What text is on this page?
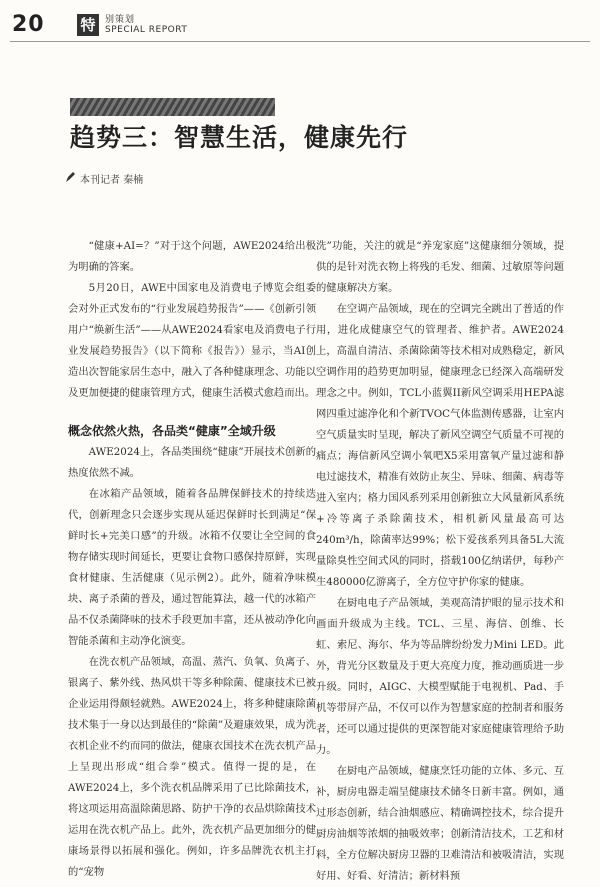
20 特	别策划
SPECIAL REPORT
趋势三：智慧生活，健康先行
本刊记者 秦楠

“健康+AI=？”对于这个问题，AWE2024给出极为明确的答案。

5月20日，AWE中国家电及消费电子博览会组委会对外正式发布的“行业发展趋势报告”——《创新引领用户“焕新生活”——从AWE2024看家电及消费电子行业发展趋势报告》（以下简称《报告》）显示，当AI创造出次智能家居生态中，融入了各种健康理念、功能以及更加便捷的健康管理方式，健康生活模式愈趋而出。

概念依然火热，各品类“健康”全域升级

AWE2024上，各品类围绕“健康”开展技术创新的热度依然不减。

在冰箱产品领域，随着各品牌保鲜技术的持续迭代，创新理念只会逐步实现从延迟保鲜时长到满足“保鲜时长+完美口感”的升级。冰箱不仅要让全空间的食物存储实现时间延长，更要让食物口感保持原鲜，实现食材健康、生活健康（见示例2）。此外，随着净味模块、离子杀菌的普及，通过智能算法，越一代的冰箱产品不仅杀菌降味的技术手段更加丰富，还从被动净化向智能杀菌和主动净化演变。

在洗衣机产品领域，高温、蒸汽、负氧、负离子、银离子、紫外线、热风烘干等多种除菌、健康技术已被企业运用得颇轻就熟。AWE2024上，将多种健康除菌技术集于一身以达到最佳的“除菌”及避康效果，成为洗衣机企业不约而同的做法，健康衣国技术在洗衣机产品上呈现出形成“组合拳”模式。值得一提的是，在AWE2024上，多个洗衣机品牌采用了已比除菌技术，将这项运用高温除菌思路、防护干净的衣品烘除菌技术运用在洗衣机产品上。此外，洗衣机产品更加细分的健康场景得以拓展和强化。例如，许多品牌洗衣机主打的“宠物

洗”功能，关注的就是“养宠家庭”这健康细分领域，提供的是针对洗衣物上将残的毛发、细菌、过敏原等问题的健康解决方案。

在空调产品领域，现在的空调完全跳出了普适的作用，进化成健康空气的管理者、维护者。AWE2024上，高温自清洁、杀菌除菌等技术相对成熟稳定，新风空调作用的趋势更加明显，健康理念已经深入高端研发理念之中。例如，TCL小蓝翼II新风空调采用HEPA滤网四重过滤净化和个新TVOC气体监测传感器，让室内空气质量实时呈现，解决了新风空调空气质量不可视的痛点；海信新风空调小氧吧X5采用富氧产量过滤和静电过滤技术，精准有效防止灰尘、异味、细菌、病毒等进入室内；格力国风系列采用创新独立大风量新风系统+冷等离子杀除菌技术，相机新风量最高可达240m³/h，除菌率达99%；松下爱孩系列具备5L大流量除臭性空间式风的同时，搭载100亿纳诺伊，每秒产生480000亿游离子，全方位守护你家的健康。

在厨电电子产品领域，美观高清护眼的显示技术和画面升级成为主线。TCL、三星、海信、创维、长虹、索尼、海尔、华为等品牌纷纷发力Mini LED。此外，背光分区数量及于更大亮度力度，推动画质进一步升级。同时，AIGC、大模型赋能于电视机、Pad、手机等带屏产品，不仅可以作为智慧家庭的控制者和服务者，还可以通过提供的更深智能对家庭健康管理给予助力。

在厨电产品领域，健康烹饪功能的立体、多元、互补，厨房电器走端呈健康技术储冬日新丰富。例如，通过形态创新，结合油烟感应、精确调控技术，综合提升厨房油烟等浓烟的抽吸效率；创新清洁技术，工艺和材料，全方位解决厨房卫器的卫难清洁和被吸清洁，实现好用、好看、好清洁；新材料预
